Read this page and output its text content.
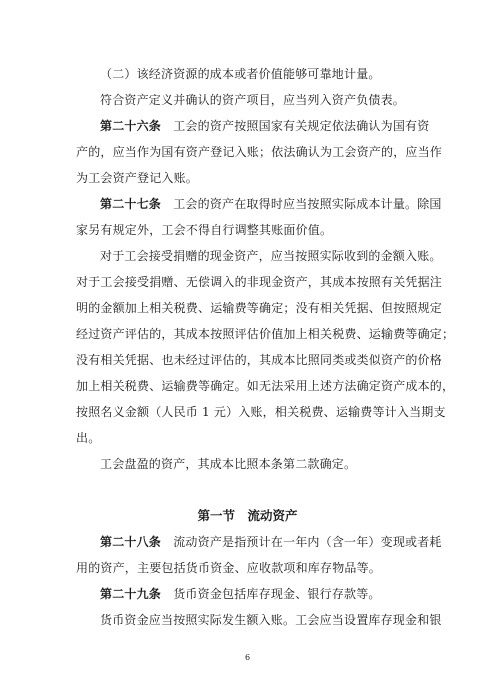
（二）该经济资源的成本或者价值能够可靠地计量。
符合资产定义并确认的资产项目，应当列入资产负债表。
第二十六条　 工会的资产按照国家有关规定依法确认为国有资
产的，应当作为国有资产登记入账；依法确认为工会资产的，应当作
为工会资产登记入账。
第二十七条　 工会的资产在取得时应当按照实际成本计量。除国
家另有规定外，工会不得自行调整其账面价值。
对于工会接受捐赠的现金资产，应当按照实际收到的金额入账。
对于工会接受捐赠、无偿调入的非现金资产，其成本按照有关凭据注
明的金额加上相关税费、运输费等确定；没有相关凭据、但按照规定
经过资产评估的，其成本按照评估价值加上相关税费、运输费等确定；
没有相关凭据、也未经过评估的，其成本比照同类或类似资产的价格
加上相关税费、运输费等确定。如无法采用上述方法确定资产成本的，
按照名义金额（人民币 1 元）入账，相关税费、运输费等计入当期支
出。
工会盘盈的资产，其成本比照本条第二款确定。
第一节　流动资产
第二十八条　 流动资产是指预计在一年内（含一年）变现或者耗
用的资产，主要包括货币资金、应收款项和库存物品等。
第二十九条　 货币资金包括库存现金、银行存款等。
货币资金应当按照实际发生额入账。工会应当设置库存现金和银
6
